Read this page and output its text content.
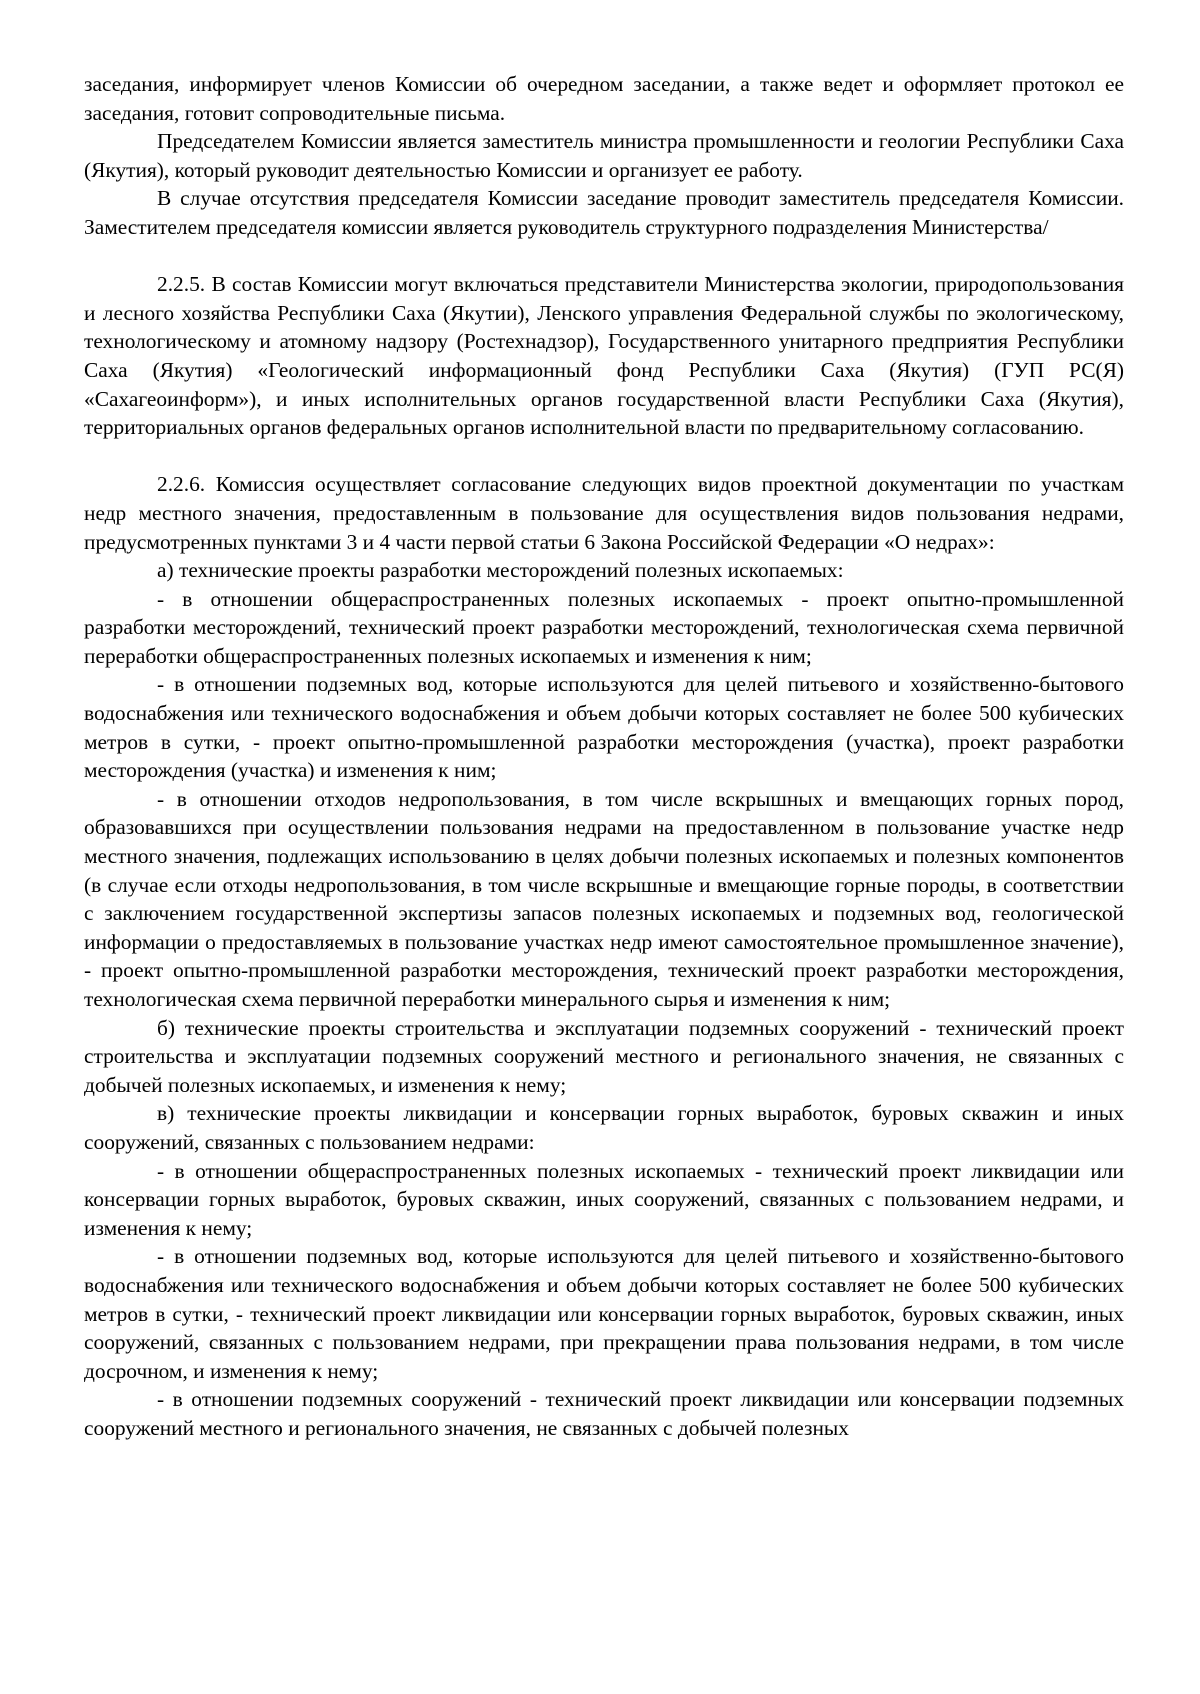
заседания, информирует членов Комиссии об очередном заседании, а также ведет и оформляет протокол ее заседания, готовит сопроводительные письма.

Председателем Комиссии является заместитель министра промышленности и геологии Республики Саха (Якутия), который руководит деятельностью Комиссии и организует ее работу.

В случае отсутствия председателя Комиссии заседание проводит заместитель председателя Комиссии. Заместителем председателя комиссии является руководитель структурного подразделения Министерства/

2.2.5. В состав Комиссии могут включаться представители Министерства экологии, природопользования и лесного хозяйства Республики Саха (Якутии), Ленского управления Федеральной службы по экологическому, технологическому и атомному надзору (Ростехнадзор), Государственного унитарного предприятия Республики Саха (Якутия) «Геологический информационный фонд Республики Саха (Якутия) (ГУП РС(Я) «Сахагеоинформ»), и иных исполнительных органов государственной власти Республики Саха (Якутия), территориальных органов федеральных органов исполнительной власти по предварительному согласованию.

2.2.6. Комиссия осуществляет согласование следующих видов проектной документации по участкам недр местного значения, предоставленным в пользование для осуществления видов пользования недрами, предусмотренных пунктами 3 и 4 части первой статьи 6 Закона Российской Федерации «О недрах»:

а) технические проекты разработки месторождений полезных ископаемых:

- в отношении общераспространенных полезных ископаемых - проект опытно-промышленной разработки месторождений, технический проект разработки месторождений, технологическая схема первичной переработки общераспространенных полезных ископаемых и изменения к ним;

- в отношении подземных вод, которые используются для целей питьевого и хозяйственно-бытового водоснабжения или технического водоснабжения и объем добычи которых составляет не более 500 кубических метров в сутки, - проект опытно-промышленной разработки месторождения (участка), проект разработки месторождения (участка) и изменения к ним;

- в отношении отходов недропользования, в том числе вскрышных и вмещающих горных пород, образовавшихся при осуществлении пользования недрами на предоставленном в пользование участке недр местного значения, подлежащих использованию в целях добычи полезных ископаемых и полезных компонентов (в случае если отходы недропользования, в том числе вскрышные и вмещающие горные породы, в соответствии с заключением государственной экспертизы запасов полезных ископаемых и подземных вод, геологической информации о предоставляемых в пользование участках недр имеют самостоятельное промышленное значение), - проект опытно-промышленной разработки месторождения, технический проект разработки месторождения, технологическая схема первичной переработки минерального сырья и изменения к ним;

б) технические проекты строительства и эксплуатации подземных сооружений - технический проект строительства и эксплуатации подземных сооружений местного и регионального значения, не связанных с добычей полезных ископаемых, и изменения к нему;

в) технические проекты ликвидации и консервации горных выработок, буровых скважин и иных сооружений, связанных с пользованием недрами:

- в отношении общераспространенных полезных ископаемых - технический проект ликвидации или консервации горных выработок, буровых скважин, иных сооружений, связанных с пользованием недрами, и изменения к нему;

- в отношении подземных вод, которые используются для целей питьевого и хозяйственно-бытового водоснабжения или технического водоснабжения и объем добычи которых составляет не более 500 кубических метров в сутки, - технический проект ликвидации или консервации горных выработок, буровых скважин, иных сооружений, связанных с пользованием недрами, при прекращении права пользования недрами, в том числе досрочном, и изменения к нему;

- в отношении подземных сооружений - технический проект ликвидации или консервации подземных сооружений местного и регионального значения, не связанных с добычей полезных
